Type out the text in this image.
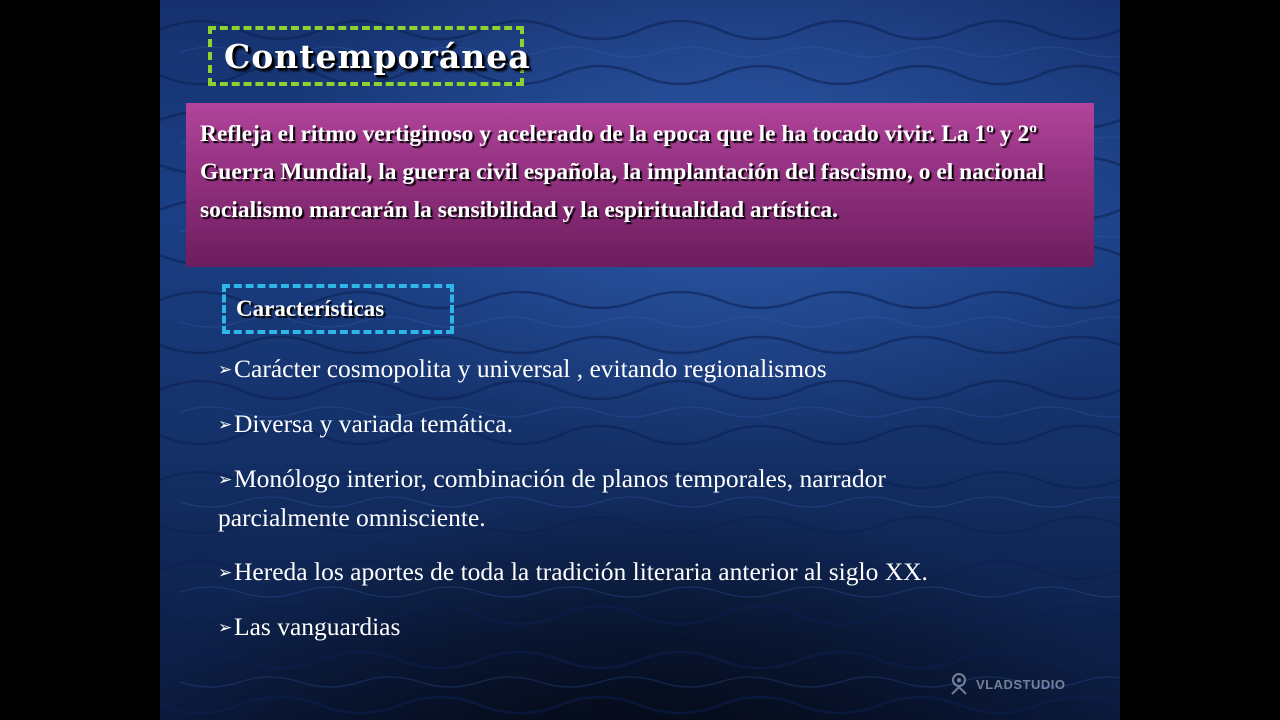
Contemporánea
Refleja el ritmo vertiginoso y acelerado de la epoca que le ha tocado vivir. La 1º y 2º Guerra Mundial, la guerra civil española, la implantación del fascismo, o el nacional socialismo marcarán la sensibilidad y la espiritualidad artística.
Características
➢Carácter cosmopolita y universal , evitando regionalismos
➢Diversa y variada temática.
➢Monólogo interior, combinación de planos temporales, narrador parcialmente omnisciente.
➢Hereda los aportes de toda la tradición literaria anterior al siglo XX.
➢Las vanguardias
VLADSTUDIO
